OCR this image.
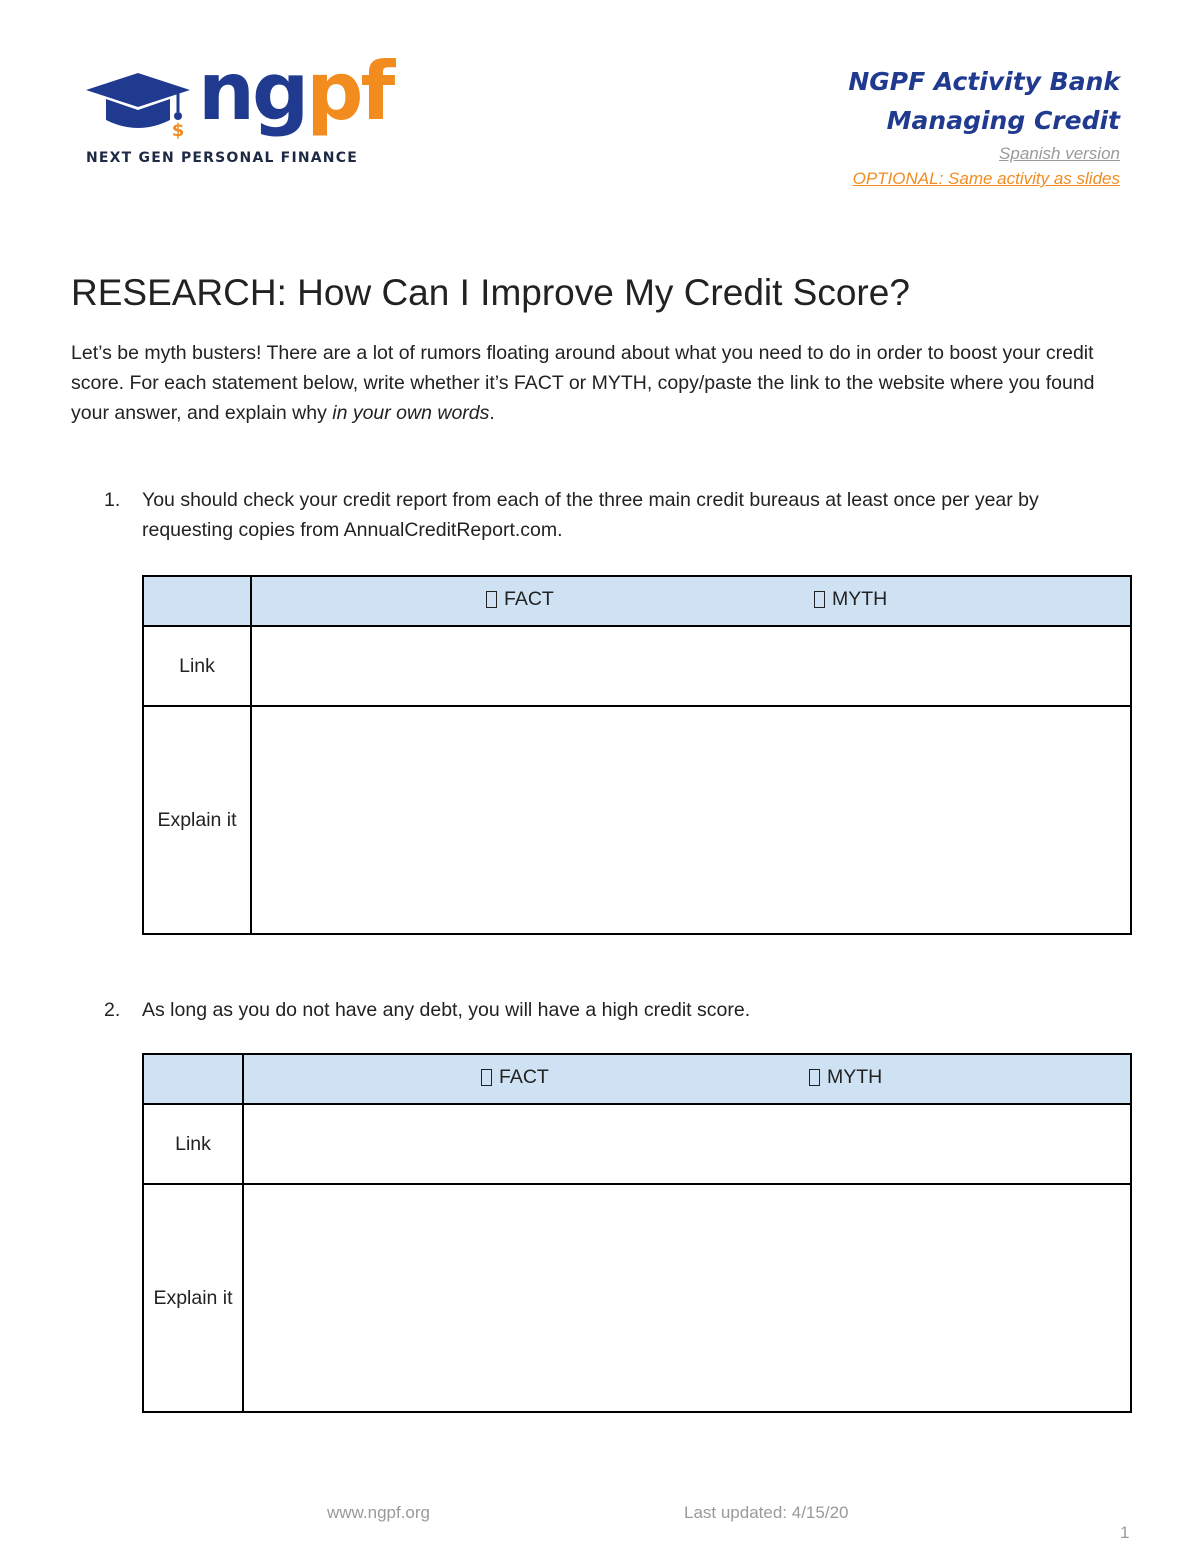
$ ngpf
NEXT GEN PERSONAL FINANCE
NGPF Activity Bank
Managing Credit
Spanish version
OPTIONAL: Same activity as slides
RESEARCH: How Can I Improve My Credit Score?

Let’s be myth busters! There are a lot of rumors floating around about what you need to do in order to boost your credit score. For each statement below, write whether it’s FACT or MYTH, copy/paste the link to the website where you found your answer, and explain why in your own words.

1. You should check your credit report from each of the three main credit bureaus at least once per year by requesting copies from AnnualCreditReport.com.

	FACT MYTH

Link	
Explain it	

2. As long as you do not have any debt, you will have a high credit score.

	FACT MYTH

Link	
Explain it	
www.ngpf.org	Last updated: 4/15/20
1
